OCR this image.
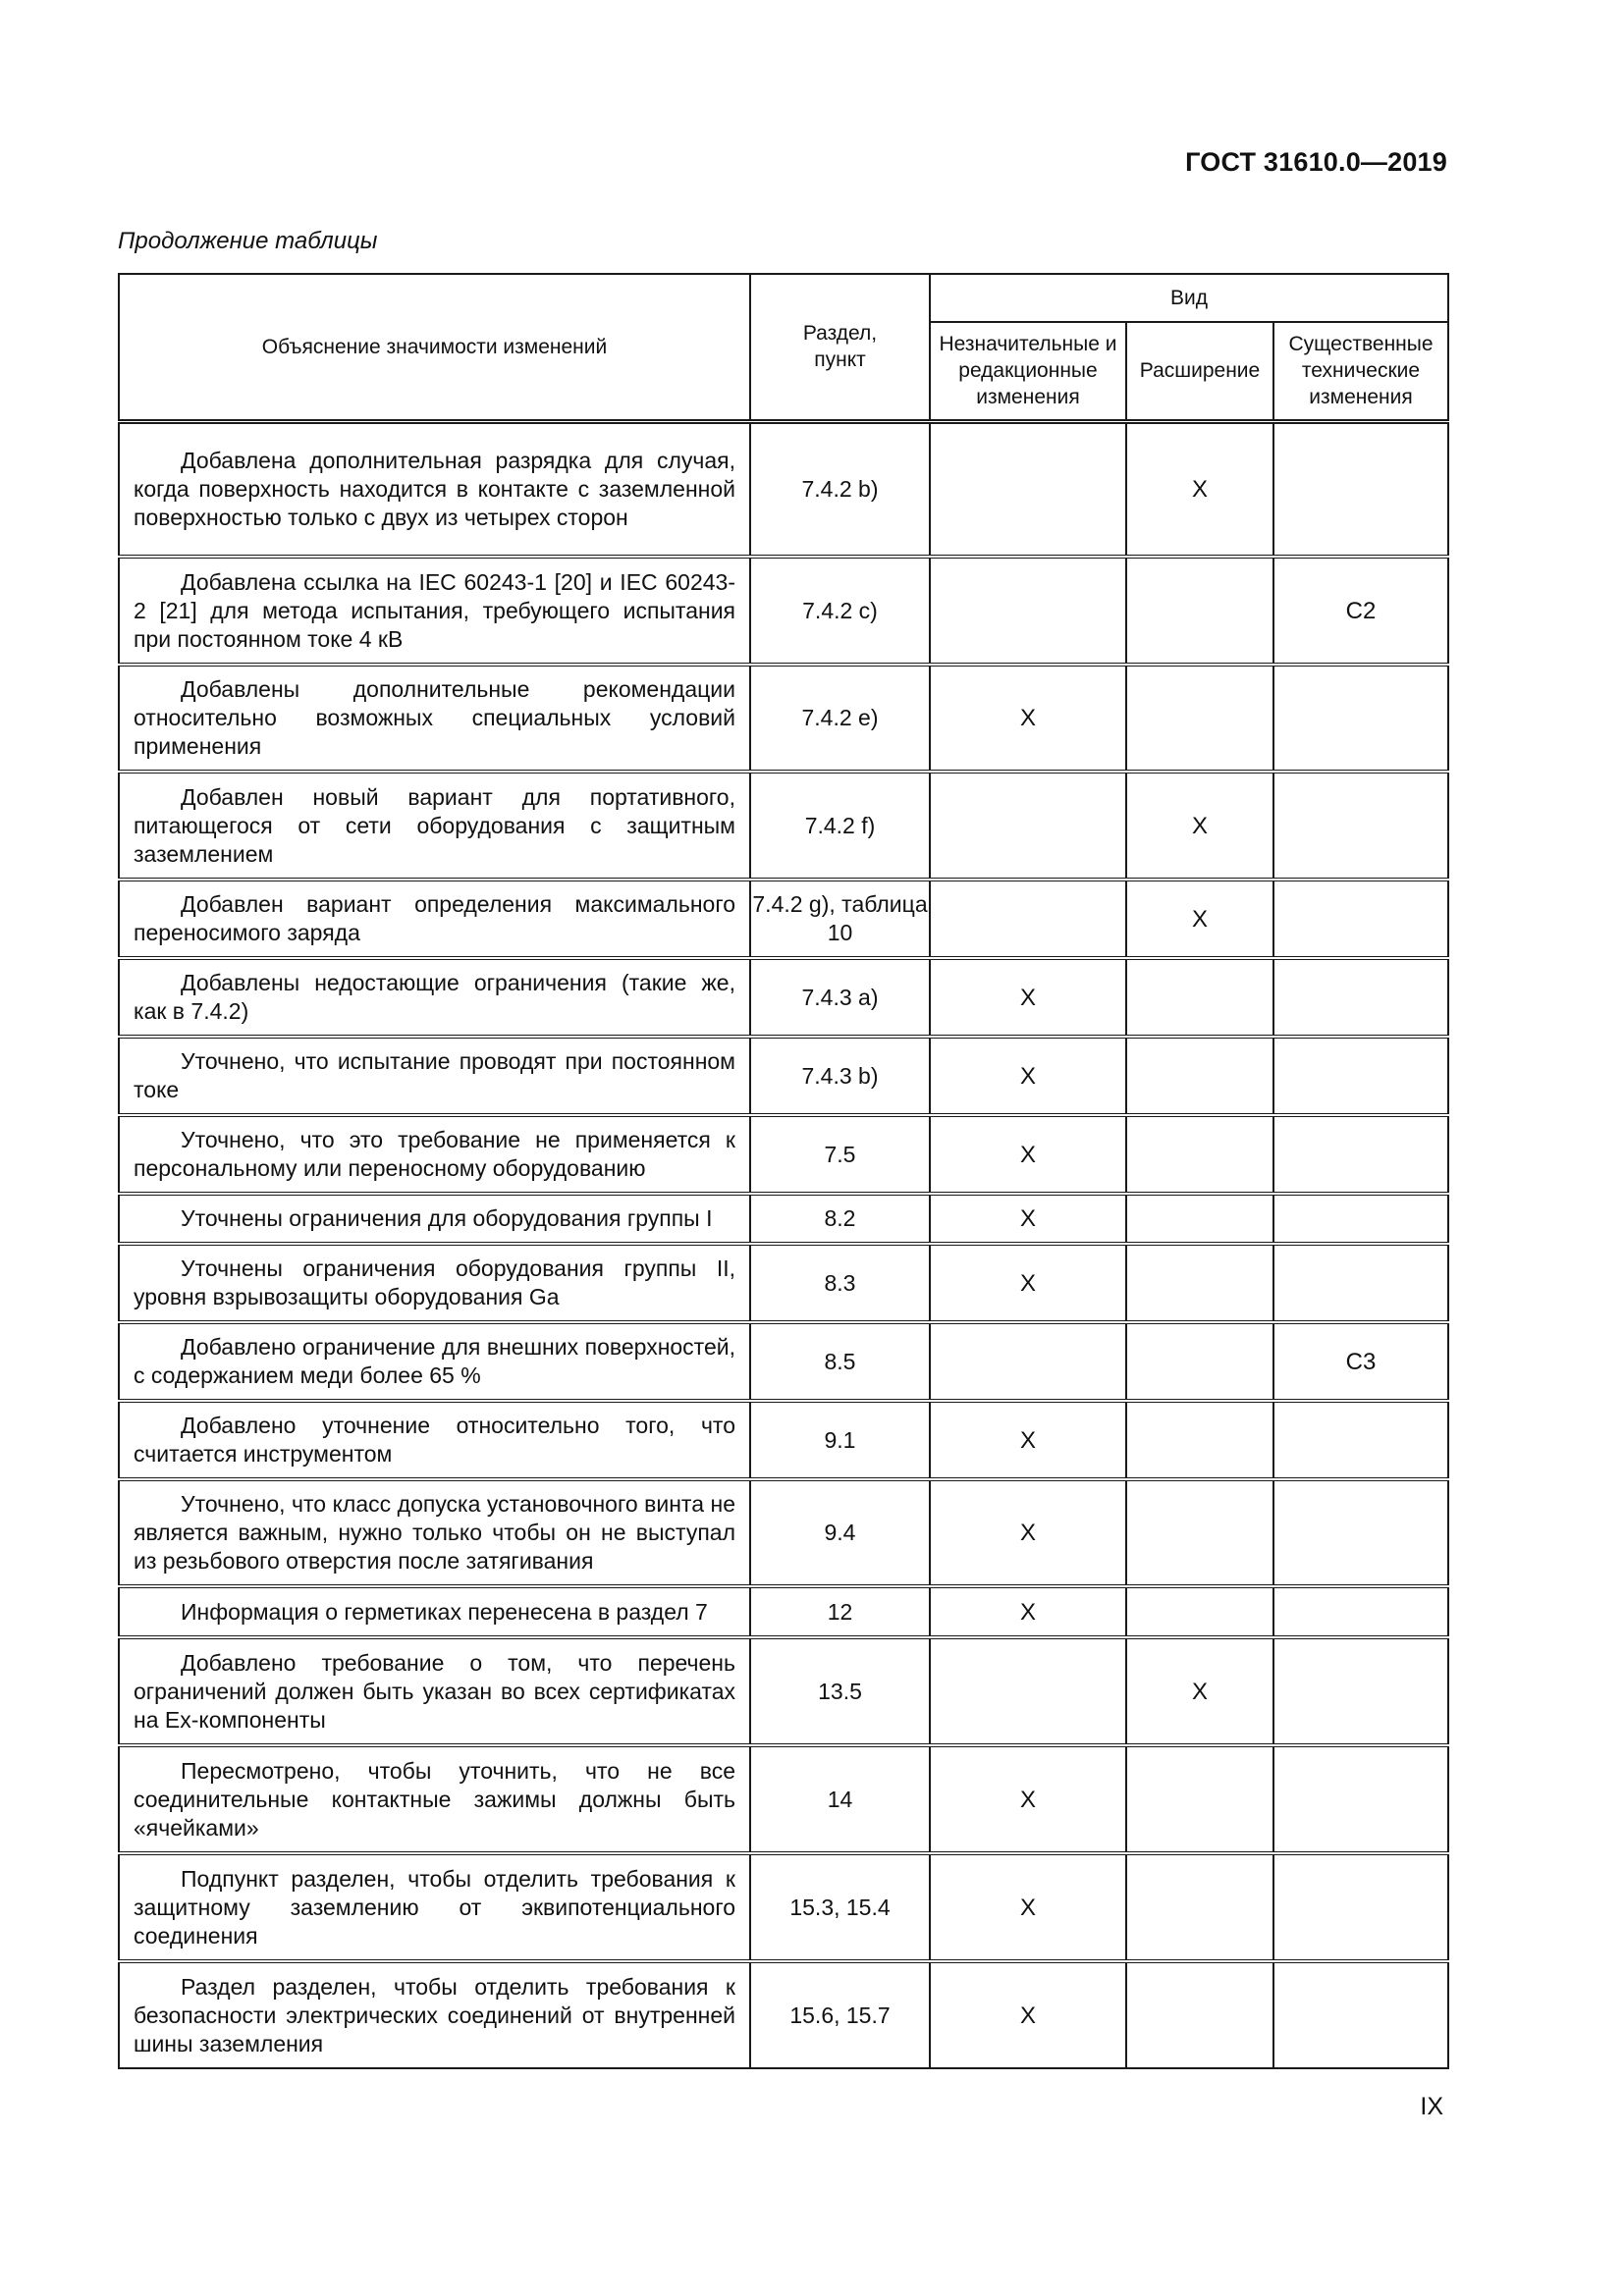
ГОСТ 31610.0—2019
Продолжение таблицы
Объяснение значимости изменений	Раздел, пункт	Вид		
		Незначительные и редакционные изменения	Расширение	Существенные технические изменения
Добавлена дополнительная разрядка для случая, когда поверхность находится в контакте с заземленной поверхностью только с двух из четырех сторон	7.4.2 b)		X	
Добавлена ссылка на IEC 60243-1 [20] и IEC 60243-2 [21] для метода испытания, требующего испытания при постоянном токе 4 кВ	7.4.2 c)			C2
Добавлены дополнительные рекомендации относительно возможных специальных условий применения	7.4.2 e)	X		
Добавлен новый вариант для портативного, питающегося от сети оборудования с защитным заземлением	7.4.2 f)		X	
Добавлен вариант определения максимального переносимого заряда	7.4.2 g), таблица 10		X	
Добавлены недостающие ограничения (такие же, как в 7.4.2)	7.4.3 a)	X		
Уточнено, что испытание проводят при постоянном токе	7.4.3 b)	X		
Уточнено, что это требование не применяется к персональному или переносному оборудованию	7.5	X		
Уточнены ограничения для оборудования группы I	8.2	X		
Уточнены ограничения оборудования группы II, уровня взрывозащиты оборудования Ga	8.3	X		
Добавлено ограничение для внешних поверхностей, с содержанием меди более 65 %	8.5			C3
Добавлено уточнение относительно того, что считается инструментом	9.1	X		
Уточнено, что класс допуска установочного винта не является важным, нужно только чтобы он не выступал из резьбового отверстия после затягивания	9.4	X		
Информация о герметиках перенесена в раздел 7	12	X		
Добавлено требование о том, что перечень ограничений должен быть указан во всех сертификатах на Ex-компоненты	13.5		X	
Пересмотрено, чтобы уточнить, что не все соединительные контактные зажимы должны быть «ячейками»	14	X		
Подпункт разделен, чтобы отделить требования к защитному заземлению от эквипотенциального соединения	15.3, 15.4	X		
Раздел разделен, чтобы отделить требования к безопасности электрических соединений от внутренней шины заземления	15.6, 15.7	X		
IX
